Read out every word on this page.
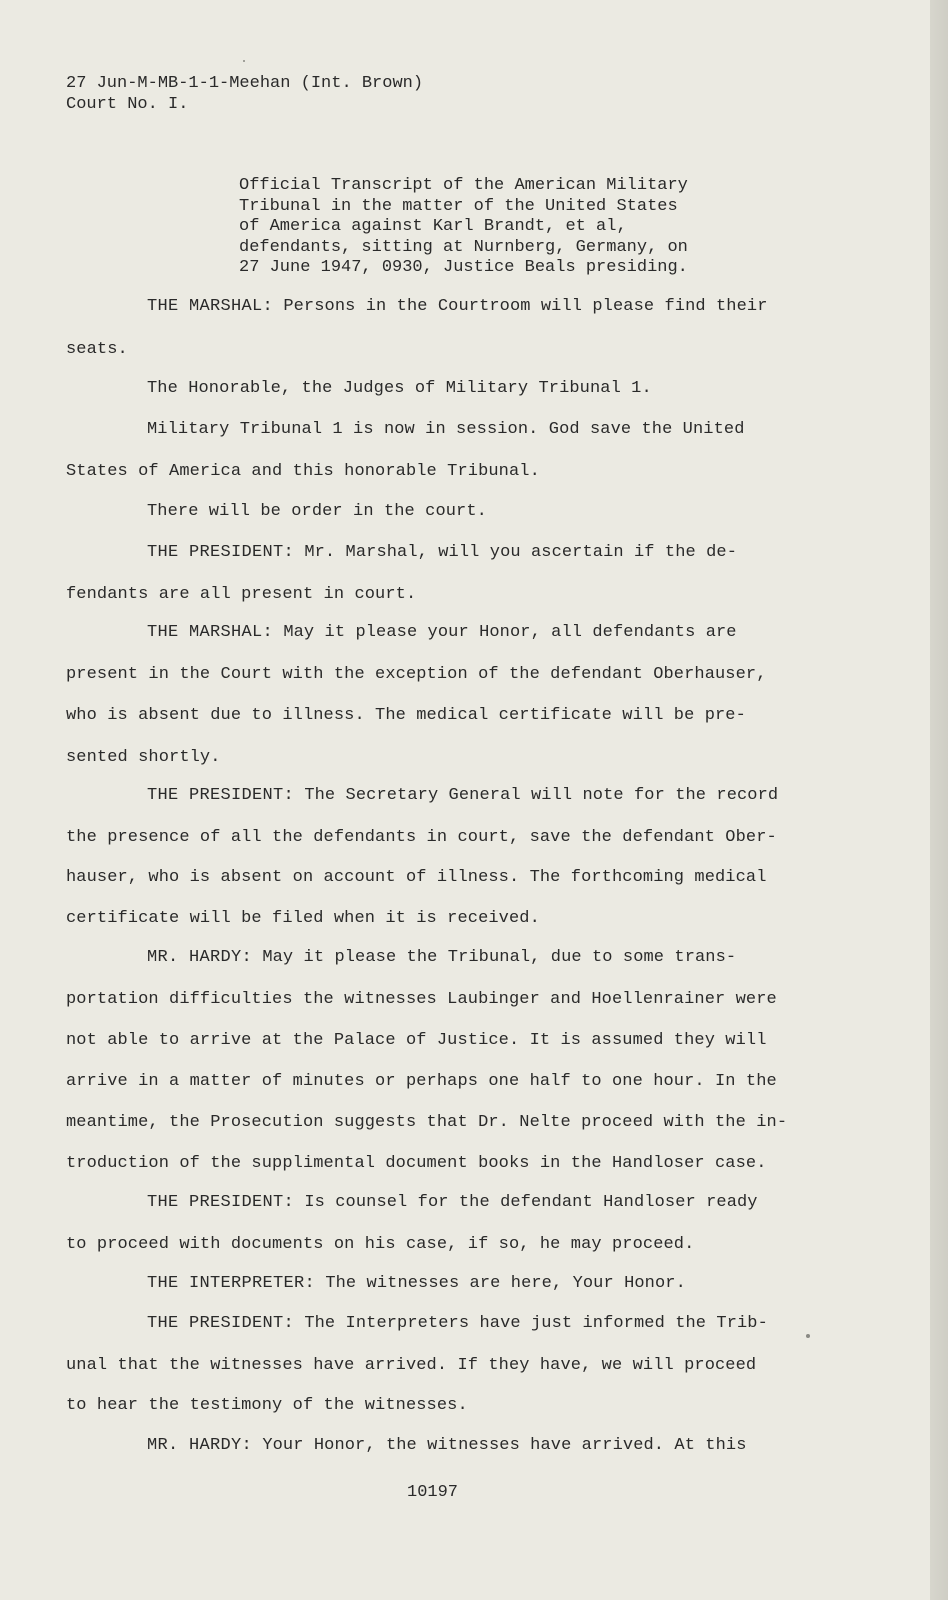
27 Jun-M-MB-1-1-Meehan (Int. Brown)
Court No. I.
Official Transcript of the American Military
Tribunal in the matter of the United States
of America against Karl Brandt, et al,
defendants, sitting at Nurnberg, Germany, on
27 June 1947, 0930, Justice Beals presiding.
THE MARSHAL: Persons in the Courtroom will please find their
seats.
The Honorable, the Judges of Military Tribunal 1.
Military Tribunal 1 is now in session. God save the United
States of America and this honorable Tribunal.
There will be order in the court.
THE PRESIDENT: Mr. Marshal, will you ascertain if the de-
fendants are all present in court.
THE MARSHAL: May it please your Honor, all defendants are
present in the Court with the exception of the defendant Oberhauser,
who is absent due to illness. The medical certificate will be pre-
sented shortly.
THE PRESIDENT: The Secretary General will note for the record
the presence of all the defendants in court, save the defendant Ober-
hauser, who is absent on account of illness. The forthcoming medical
certificate will be filed when it is received.
MR. HARDY: May it please the Tribunal, due to some trans-
portation difficulties the witnesses Laubinger and Hoellenrainer were
not able to arrive at the Palace of Justice. It is assumed they will
arrive in a matter of minutes or perhaps one half to one hour. In the
meantime, the Prosecution suggests that Dr. Nelte proceed with the in-
troduction of the supplimental document books in the Handloser case.
THE PRESIDENT: Is counsel for the defendant Handloser ready
to proceed with documents on his case, if so, he may proceed.
THE INTERPRETER: The witnesses are here, Your Honor.
THE PRESIDENT: The Interpreters have just informed the Trib-
unal that the witnesses have arrived. If they have, we will proceed
to hear the testimony of the witnesses.
MR. HARDY: Your Honor, the witnesses have arrived. At this
10197
